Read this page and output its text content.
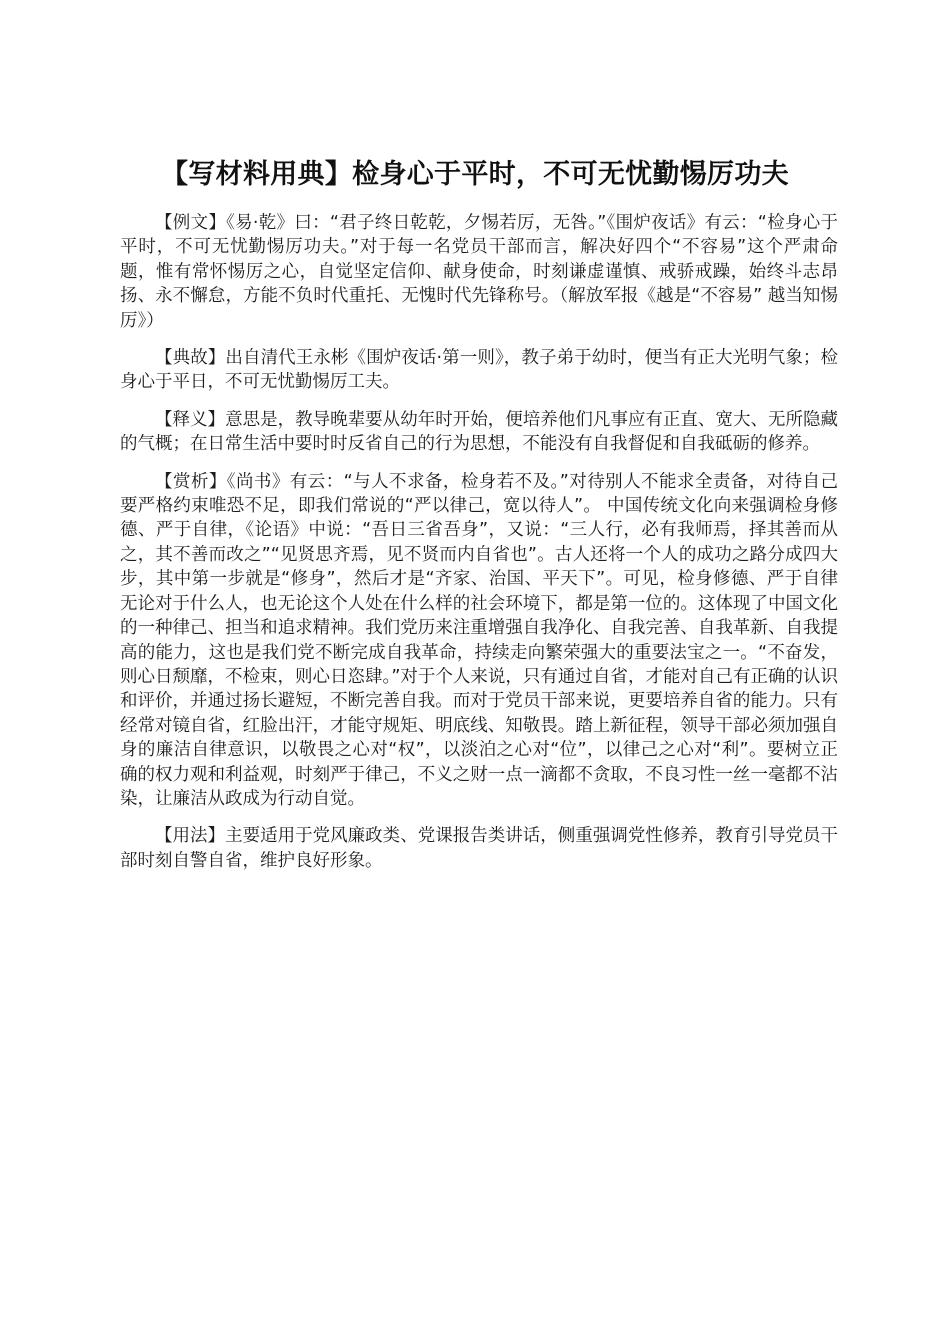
【写材料用典】检身心于平时，不可无忧勤惕厉功夫

【例文】《易·乾》曰：“君子终日乾乾，夕惕若厉，无咎。”《围炉夜话》有云：“检身心于平时，不可无忧勤惕厉功夫。”对于每一名党员干部而言，解决好四个“不容易”这个严肃命题，惟有常怀惕厉之心，自觉坚定信仰、献身使命，时刻谦虚谨慎、戒骄戒躁，始终斗志昂扬、永不懈怠，方能不负时代重托、无愧时代先锋称号。（解放军报《越是“不容易” 越当知惕厉》）

【典故】出自清代王永彬《围炉夜话·第一则》，教子弟于幼时，便当有正大光明气象；检身心于平日，不可无忧勤惕厉工夫。

【释义】意思是，教导晚辈要从幼年时开始，便培养他们凡事应有正直、宽大、无所隐藏的气概；在日常生活中要时时反省自己的行为思想，不能没有自我督促和自我砥砺的修养。

【赏析】《尚书》有云：“与人不求备，检身若不及。”对待别人不能求全责备，对待自己要严格约束唯恐不足，即我们常说的“严以律己，宽以待人”。 中国传统文化向来强调检身修德、严于自律，《论语》中说：“吾日三省吾身”，又说：“三人行，必有我师焉，择其善而从之，其不善而改之”“见贤思齐焉，见不贤而内自省也”。古人还将一个人的成功之路分成四大步，其中第一步就是“修身”，然后才是“齐家、治国、平天下”。可见，检身修德、严于自律无论对于什么人，也无论这个人处在什么样的社会环境下，都是第一位的。这体现了中国文化的一种律己、担当和追求精神。我们党历来注重增强自我净化、自我完善、自我革新、自我提高的能力，这也是我们党不断完成自我革命，持续走向繁荣强大的重要法宝之一。“不奋发，则心日颓靡，不检束，则心日恣肆。”对于个人来说，只有通过自省，才能对自己有正确的认识和评价，并通过扬长避短，不断完善自我。而对于党员干部来说，更要培养自省的能力。只有经常对镜自省，红脸出汗，才能守规矩、明底线、知敬畏。踏上新征程，领导干部必须加强自身的廉洁自律意识，以敬畏之心对“权”，以淡泊之心对“位”，以律己之心对“利”。要树立正确的权力观和利益观，时刻严于律己，不义之财一点一滴都不贪取，不良习性一丝一毫都不沾染，让廉洁从政成为行动自觉。

【用法】主要适用于党风廉政类、党课报告类讲话，侧重强调党性修养，教育引导党员干部时刻自警自省，维护良好形象。
